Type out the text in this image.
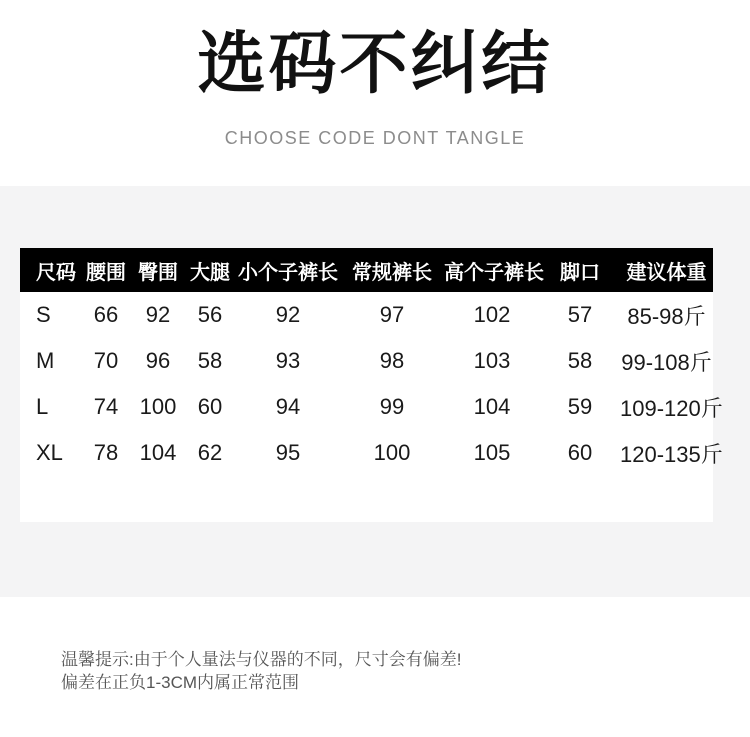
选码不纠结
CHOOSE CODE DONT TANGLE
尺码	腰围	臀围	大腿	小个子裤长	常规裤长	高个子裤长	脚口	建议体重
S	66	92	56	92	97	102	57	85-98斤
M	70	96	58	93	98	103	58	99-108斤
L	74	100	60	94	99	104	59	109-120斤
XL	78	104	62	95	100	105	60	120-135斤
温馨提示:由于个人量法与仪器的不同，尺寸会有偏差!
偏差在正负1-3CM内属正常范围
